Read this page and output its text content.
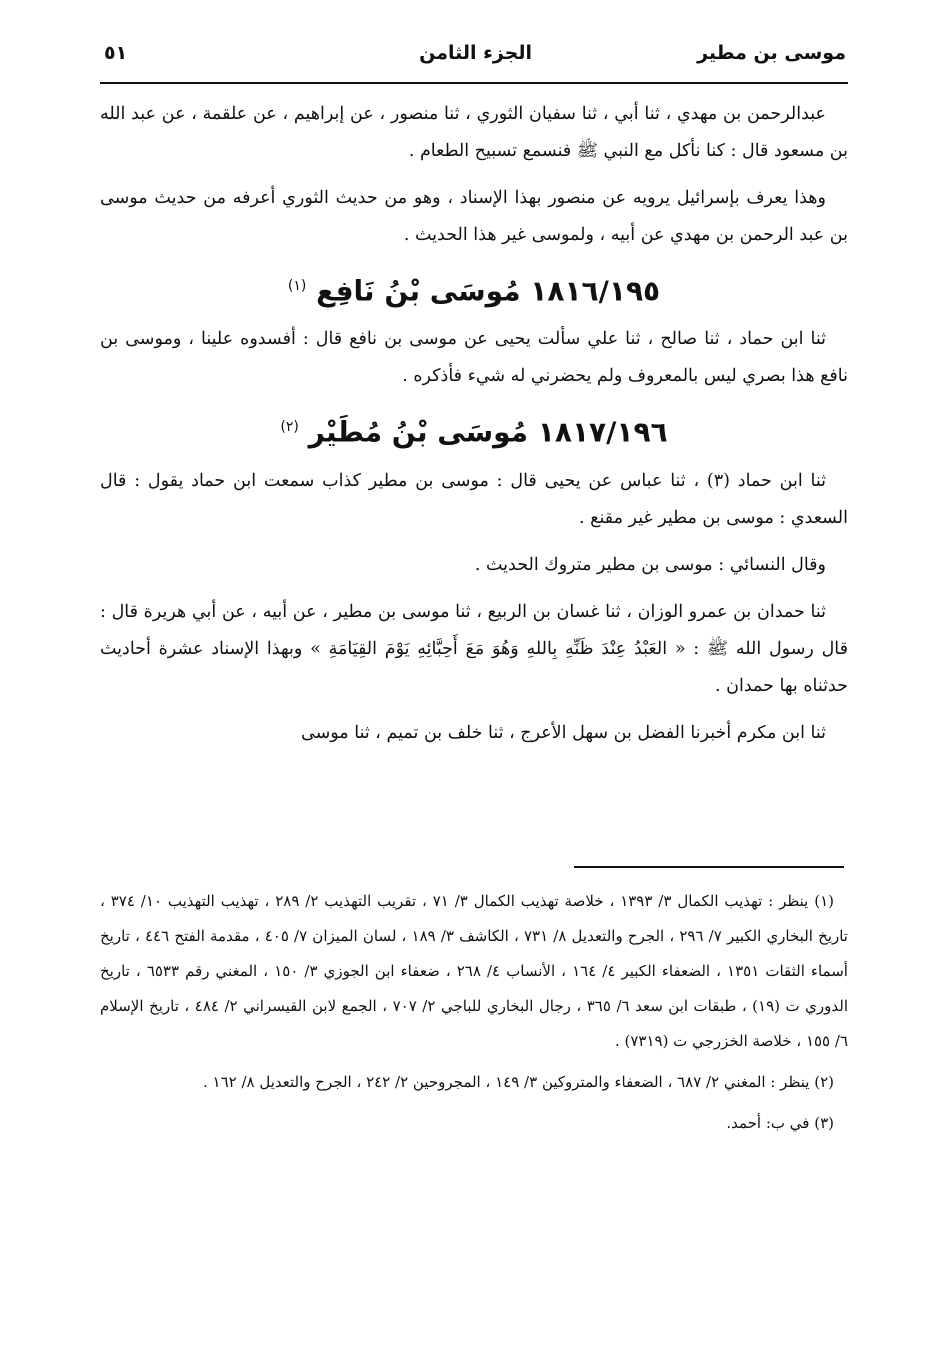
موسى بن مطير
الجزء الثامن
٥١

عبدالرحمن بن مهدي ، ثنا أبي ، ثنا سفيان الثوري ، ثنا منصور ، عن إبراهيم ، عن علقمة ، عن عبد الله بن مسعود قال : كنا نأكل مع النبي ﷺ فنسمع تسبيح الطعام .

وهذا يعرف بإسرائيل يرويه عن منصور بهذا الإسناد ، وهو من حديث الثوري أعرفه من حديث موسى بن عبد الرحمن بن مهدي عن أبيه ، ولموسى غير هذا الحديث .

١٨١٦/١٩٥ مُوسَى بْنُ نَافِع $^{(١)}$

ثنا ابن حماد ، ثنا صالح ، ثنا علي سألت يحيى عن موسى بن نافع قال : أفسدوه علينا ، وموسى بن نافع هذا بصري ليس بالمعروف ولم يحضرني له شيء فأذكره .

١٨١٧/١٩٦ مُوسَى بْنُ مُطَيْر $^{(٢)}$

ثنا ابن حماد (٣) ، ثنا عباس عن يحيى قال : موسى بن مطير كذاب سمعت ابن حماد يقول : قال السعدي : موسى بن مطير غير مقنع .

وقال النسائي : موسى بن مطير متروك الحديث .

ثنا حمدان بن عمرو الوزان ، ثنا غسان بن الربيع ، ثنا موسى بن مطير ، عن أبيه ، عن أبي هريرة قال : قال رسول الله ﷺ : « العَبْدُ عِنْدَ ظَنِّهِ بِاللهِ وَهُوَ مَعَ أَحِبَّائِهِ يَوْمَ القِيَامَةِ » وبهذا الإسناد عشرة أحاديث حدثناه بها حمدان .

ثنا ابن مكرم أخبرنا الفضل بن سهل الأعرج ، ثنا خلف بن تميم ، ثنا موسى

(١) ينظر : تهذيب الكمال ٣/ ١٣٩٣ ، خلاصة تهذيب الكمال ٣/ ٧١ ، تقريب التهذيب ٢/ ٢٨٩ ، تهذيب التهذيب ١٠/ ٣٧٤ ، تاريخ البخاري الكبير ٧/ ٢٩٦ ، الجرح والتعديل ٨/ ٧٣١ ، الكاشف ٣/ ١٨٩ ، لسان الميزان ٧/ ٤٠٥ ، مقدمة الفتح ٤٤٦ ، تاريخ أسماء الثقات ١٣٥١ ، الضعفاء الكبير ٤/ ١٦٤ ، الأنساب ٤/ ٢٦٨ ، ضعفاء ابن الجوزي ٣/ ١٥٠ ، المغني رقم ٦٥٣٣ ، تاريخ الدوري ت (١٩) ، طبقات ابن سعد ٦/ ٣٦٥ ، رجال البخاري للباجي ٢/ ٧٠٧ ، الجمع لابن القيسراني ٢/ ٤٨٤ ، تاريخ الإسلام ٦/ ١٥٥ ، خلاصة الخزرجي ت (٧٣١٩) .

(٢) ينظر : المغني ٢/ ٦٨٧ ، الضعفاء والمتروكين ٣/ ١٤٩ ، المجروحين ٢/ ٢٤٢ ، الجرح والتعديل ٨/ ١٦٢ .

(٣) في ب: أحمد.
